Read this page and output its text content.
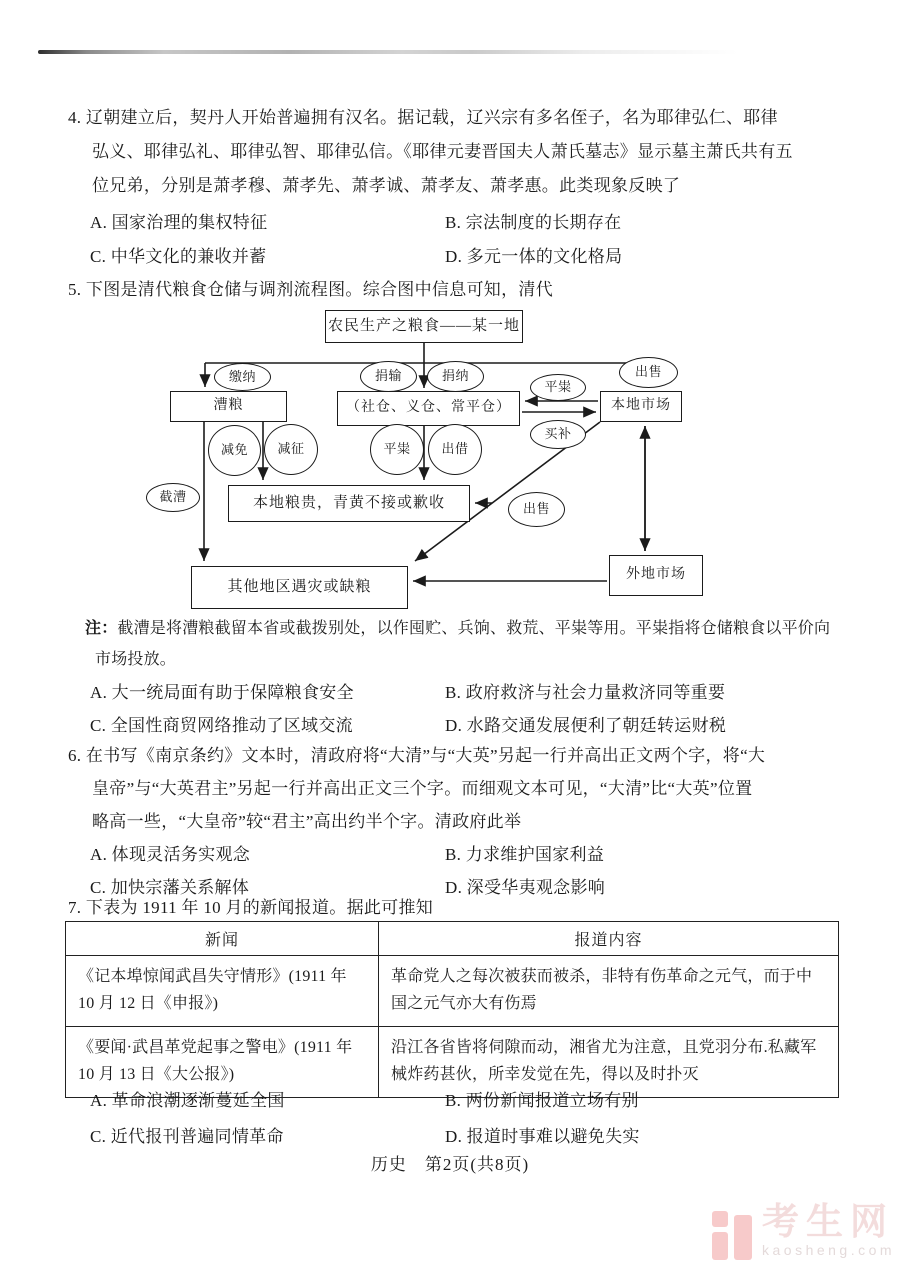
4. 辽朝建立后，契丹人开始普遍拥有汉名。据记载，辽兴宗有多名侄子，名为耶律弘仁、耶律
弘义、耶律弘礼、耶律弘智、耶律弘信。《耶律元妻晋国夫人萧氏墓志》显示墓主萧氏共有五
位兄弟，分别是萧孝穆、萧孝先、萧孝诚、萧孝友、萧孝惠。此类现象反映了
A. 国家治理的集权特征	B. 宗法制度的长期存在
C. 中华文化的兼收并蓄	D. 多元一体的文化格局
5. 下图是清代粮食仓储与调剂流程图。综合图中信息可知，清代
农民生产之粮食——某一地
缴纳	捐输	捐纳	出售
平粜
买补
漕粮	（社仓、义仓、常平仓）	本地市场
减免	减征	平粜	出借
截漕	本地粮贵，青黄不接或歉收	出售
外地市场
其他地区遇灾或缺粮
注：截漕是将漕粮截留本省或截拨别处，以作囤贮、兵饷、救荒、平粜等用。平粜指将仓储粮食以平价向
市场投放。
A. 大一统局面有助于保障粮食安全	B. 政府救济与社会力量救济同等重要
C. 全国性商贸网络推动了区域交流	D. 水路交通发展便利了朝廷转运财税
6. 在书写《南京条约》文本时，清政府将“大清”与“大英”另起一行并高出正文两个字，将“大
皇帝”与“大英君主”另起一行并高出正文三个字。而细观文本可见，“大清”比“大英”位置
略高一些，“大皇帝”较“君主”高出约半个字。清政府此举
A. 体现灵活务实观念	B. 力求维护国家利益
C. 加快宗藩关系解体	D. 深受华夷观念影响
7. 下表为 1911 年 10 月的新闻报道。据此可推知
新闻	报道内容
《记本埠惊闻武昌失守情形》(1911 年 10 月 12 日《申报》)	革命党人之每次被获而被杀，非特有伤革命之元气，而于中国之元气亦大有伤焉
《要闻·武昌革党起事之警电》(1911 年 10 月 13 日《大公报》)	沿江各省皆将伺隙而动，湘省尤为注意，且党羽分布.私藏军械炸药甚伙，所幸发觉在先，得以及时扑灭
A. 革命浪潮逐渐蔓延全国	B. 两份新闻报道立场有别
C. 近代报刊普遍同情革命	D. 报道时事难以避免失实
历史　第2页(共8页)
考生网
kaosheng.com
